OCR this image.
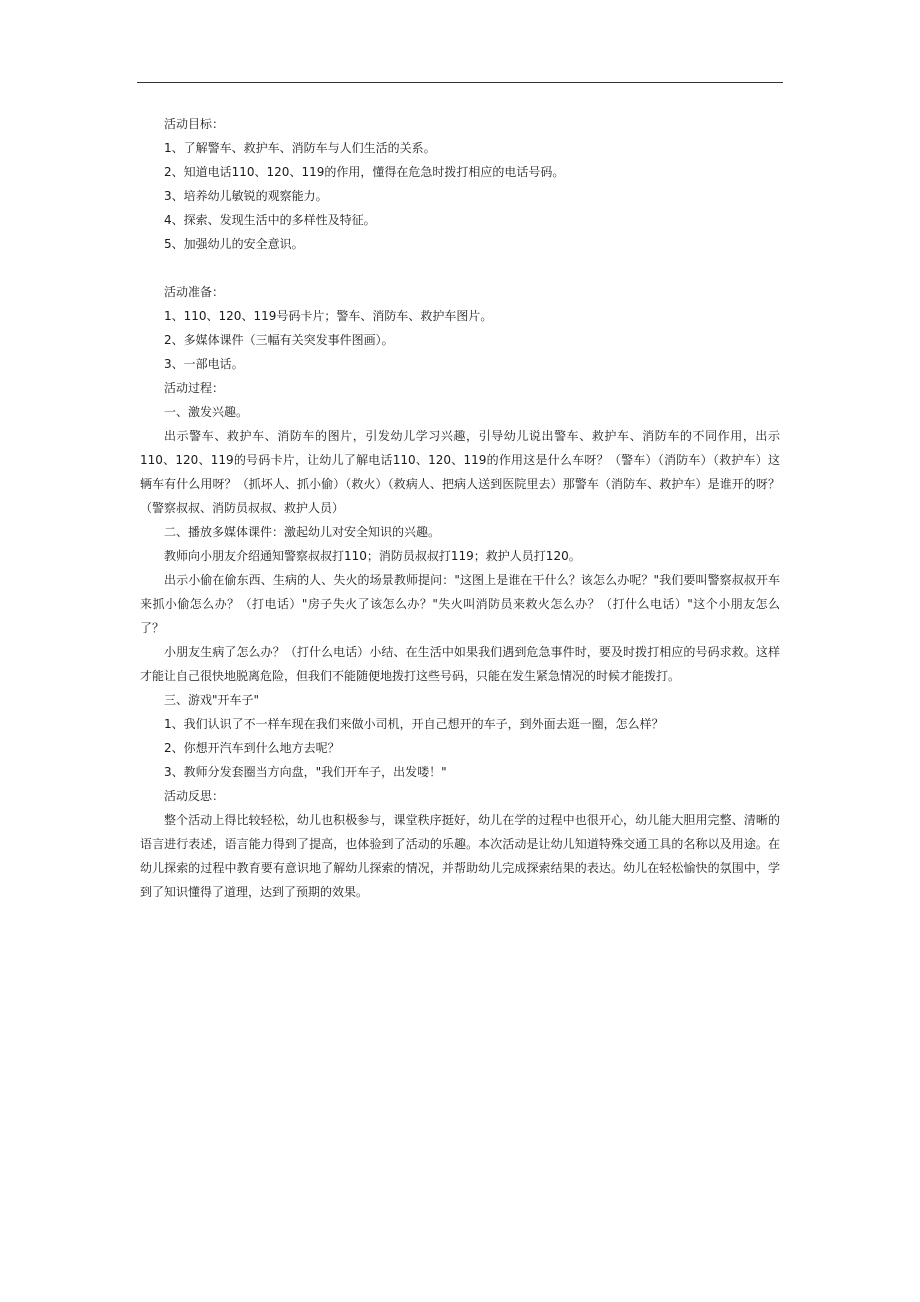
活动目标：
1、了解警车、救护车、消防车与人们生活的关系。
2、知道电话110、120、119的作用，懂得在危急时拨打相应的电话号码。
3、培养幼儿敏锐的观察能力。
4、探索、发现生活中的多样性及特征。
5、加强幼儿的安全意识。
活动准备：
1、110、120、119号码卡片；警车、消防车、救护车图片。
2、多媒体课件（三幅有关突发事件图画）。
3、一部电话。
活动过程：
一、激发兴趣。

出示警车、救护车、消防车的图片，引发幼儿学习兴趣，引导幼儿说出警车、救护车、消防车的不同作用，出示110、120、119的号码卡片，让幼儿了解电话110、120、119的作用这是什么车呀？（警车）（消防车）（救护车）这辆车有什么用呀？（抓坏人、抓小偷）（救火）（救病人、把病人送到医院里去）那警车（消防车、救护车）是谁开的呀？（警察叔叔、消防员叔叔、救护人员）

二、播放多媒体课件：激起幼儿对安全知识的兴趣。
教师向小朋友介绍通知警察叔叔打110；消防员叔叔打119；救护人员打120。

出示小偷在偷东西、生病的人、失火的场景教师提问："这图上是谁在干什么？该怎么办呢？"我们要叫警察叔叔开车来抓小偷怎么办？（打电话）"房子失火了该怎么办？"失火叫消防员来救火怎么办？（打什么电话）"这个小朋友怎么了？

小朋友生病了怎么办？（打什么电话）小结、在生活中如果我们遇到危急事件时，要及时拨打相应的号码求救。这样才能让自己很快地脱离危险，但我们不能随便地拨打这些号码，只能在发生紧急情况的时候才能拨打。

三、游戏"开车子"
1、我们认识了不一样车现在我们来做小司机，开自己想开的车子，到外面去逛一圈，怎么样？
2、你想开汽车到什么地方去呢？
3、教师分发套圈当方向盘，"我们开车子，出发喽！"
活动反思：

整个活动上得比较轻松，幼儿也积极参与，课堂秩序挺好，幼儿在学的过程中也很开心，幼儿能大胆用完整、清晰的语言进行表述，语言能力得到了提高，也体验到了活动的乐趣。本次活动是让幼儿知道特殊交通工具的名称以及用途。在幼儿探索的过程中教育要有意识地了解幼儿探索的情况，并帮助幼儿完成探索结果的表达。幼儿在轻松愉快的氛围中，学到了知识懂得了道理，达到了预期的效果。
